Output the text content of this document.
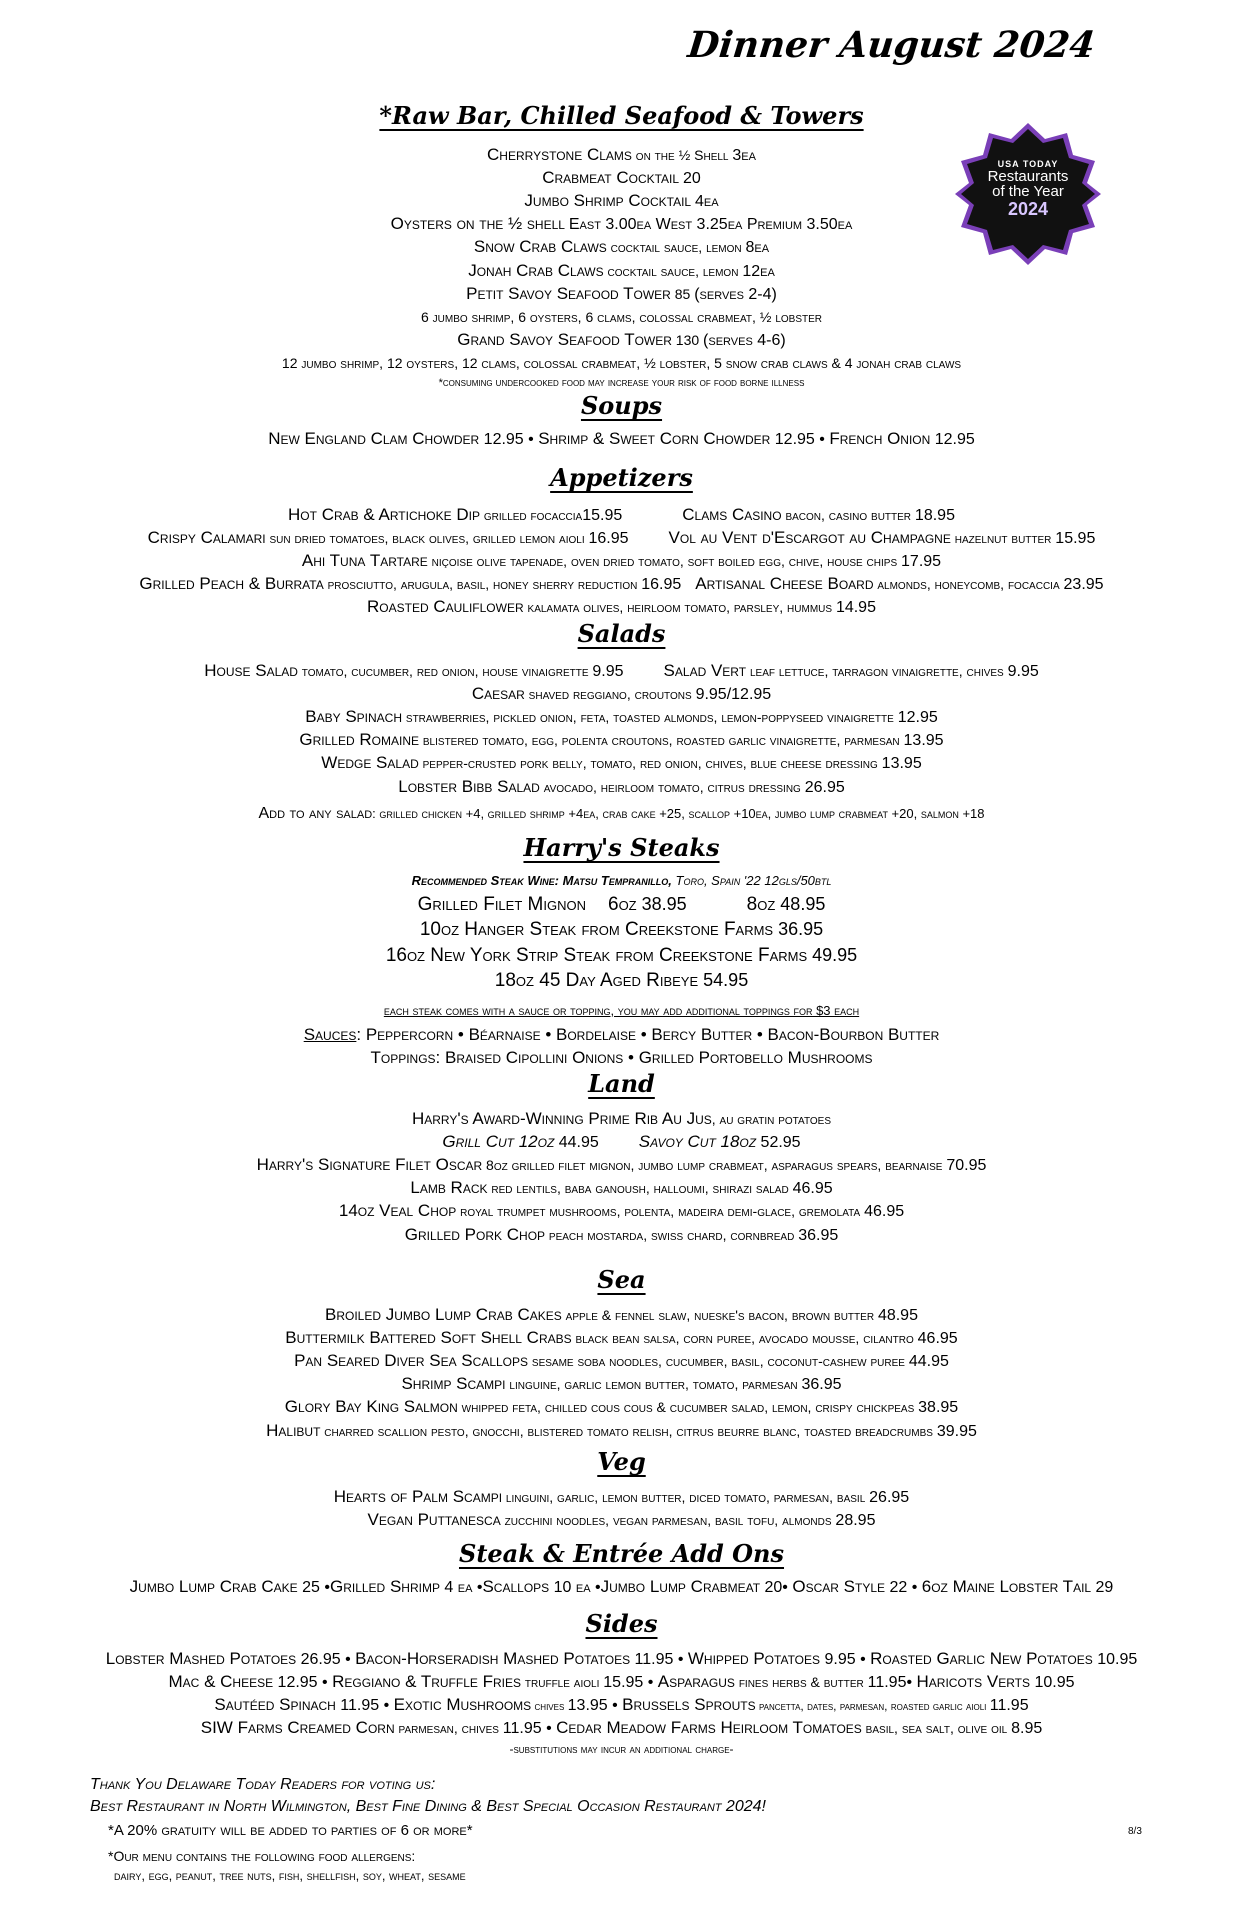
Dinner August 2024
USA TODAY
Restaurants
of the Year
2024
*Raw Bar, Chilled Seafood & Towers
Cherrystone Clams on the ½ Shell 3ea
Crabmeat Cocktail 20
Jumbo Shrimp Cocktail 4ea
Oysters on the ½ shell East 3.00ea West 3.25ea Premium 3.50ea
Snow Crab Claws cocktail sauce, lemon 8ea
Jonah Crab Claws cocktail sauce, lemon 12ea
Petit Savoy Seafood Tower 85 (serves 2-4)
6 jumbo shrimp, 6 oysters, 6 clams, colossal crabmeat, ½ lobster
Grand Savoy Seafood Tower 130 (serves 4-6)
12 jumbo shrimp, 12 oysters, 12 clams, colossal crabmeat, ½ lobster, 5 snow crab claws & 4 jonah crab claws
*consuming undercooked food may increase your risk of food borne illness
Soups
New England Clam Chowder 12.95 • Shrimp & Sweet Corn Chowder 12.95 • French Onion 12.95
Appetizers
Hot Crab & Artichoke Dip grilled focaccia15.95	Clams Casino bacon, casino butter 18.95
Crispy Calamari sun dried tomatoes, black olives, grilled lemon aioli 16.95 Vol au Vent d'Escargot au Champagne hazelnut butter 15.95
Ahi Tuna Tartare niçoise olive tapenade, oven dried tomato, soft boiled egg, chive, house chips 17.95
Grilled Peach & Burrata prosciutto, arugula, basil, honey sherry reduction 16.95 Artisanal Cheese Board almonds, honeycomb, focaccia 23.95
Roasted Cauliflower kalamata olives, heirloom tomato, parsley, hummus 14.95
Salads
House Salad tomato, cucumber, red onion, house vinaigrette 9.95 Salad Vert leaf lettuce, tarragon vinaigrette, chives 9.95
Caesar shaved reggiano, croutons 9.95/12.95
Baby Spinach strawberries, pickled onion, feta, toasted almonds, lemon-poppyseed vinaigrette 12.95
Grilled Romaine blistered tomato, egg, polenta croutons, roasted garlic vinaigrette, parmesan 13.95
Wedge Salad pepper-crusted pork belly, tomato, red onion, chives, blue cheese dressing 13.95
Lobster Bibb Salad avocado, heirloom tomato, citrus dressing 26.95
Add to any salad: grilled chicken +4, grilled shrimp +4ea, crab cake +25, scallop +10ea, jumbo lump crabmeat +20, salmon +18
Harry's Steaks
Recommended Steak Wine: Matsu Tempranillo, Toro, Spain '22 12gls/50btl
Grilled Filet Mignon 6oz 38.95	8oz 48.95
10oz Hanger Steak from Creekstone Farms 36.95
16oz New York Strip Steak from Creekstone Farms 49.95
18oz 45 Day Aged Ribeye 54.95
each steak comes with a sauce or topping, you may add additional toppings for $3 each
Sauces: Peppercorn • Béarnaise • Bordelaise • Bercy Butter • Bacon-Bourbon Butter
Toppings: Braised Cipollini Onions • Grilled Portobello Mushrooms
Land
Harry's Award-Winning Prime Rib Au Jus, au gratin potatoes
Grill Cut 12oz 44.95 Savoy Cut 18oz 52.95
Harry's Signature Filet Oscar 8oz grilled filet mignon, jumbo lump crabmeat, asparagus spears, bearnaise 70.95
Lamb Rack red lentils, baba ganoush, halloumi, shirazi salad 46.95
14oz Veal Chop royal trumpet mushrooms, polenta, madeira demi-glace, gremolata 46.95
Grilled Pork Chop peach mostarda, swiss chard, cornbread 36.95
Sea
Broiled Jumbo Lump Crab Cakes apple & fennel slaw, nueske's bacon, brown butter 48.95
Buttermilk Battered Soft Shell Crabs black bean salsa, corn puree, avocado mousse, cilantro 46.95
Pan Seared Diver Sea Scallops sesame soba noodles, cucumber, basil, coconut-cashew puree 44.95
Shrimp Scampi linguine, garlic lemon butter, tomato, parmesan 36.95
Glory Bay King Salmon whipped feta, chilled cous cous & cucumber salad, lemon, crispy chickpeas 38.95
Halibut charred scallion pesto, gnocchi, blistered tomato relish, citrus beurre blanc, toasted breadcrumbs 39.95
Veg
Hearts of Palm Scampi linguini, garlic, lemon butter, diced tomato, parmesan, basil 26.95
Vegan Puttanesca zucchini noodles, vegan parmesan, basil tofu, almonds 28.95
Steak & Entrée Add Ons
Jumbo Lump Crab Cake 25 •Grilled Shrimp 4 ea •Scallops 10 ea •Jumbo Lump Crabmeat 20• Oscar Style 22 • 6oz Maine Lobster Tail 29
Sides
Lobster Mashed Potatoes 26.95 • Bacon-Horseradish Mashed Potatoes 11.95 • Whipped Potatoes 9.95 • Roasted Garlic New Potatoes 10.95
Mac & Cheese 12.95 • Reggiano & Truffle Fries truffle aioli 15.95 • Asparagus fines herbs & butter 11.95• Haricots Verts 10.95
Sautéed Spinach 11.95 • Exotic Mushrooms chives 13.95 • Brussels Sprouts pancetta, dates, parmesan, roasted garlic aioli 11.95
SIW Farms Creamed Corn parmesan, chives 11.95 • Cedar Meadow Farms Heirloom Tomatoes basil, sea salt, olive oil 8.95
-substitutions may incur an additional charge-
Thank You Delaware Today Readers for voting us:
Best Restaurant in North Wilmington, Best Fine Dining & Best Special Occasion Restaurant 2024!
*A 20% gratuity will be added to parties of 6 or more*	8/3
*Our menu contains the following food allergens:
dairy, egg, peanut, tree nuts, fish, shellfish, soy, wheat, sesame
